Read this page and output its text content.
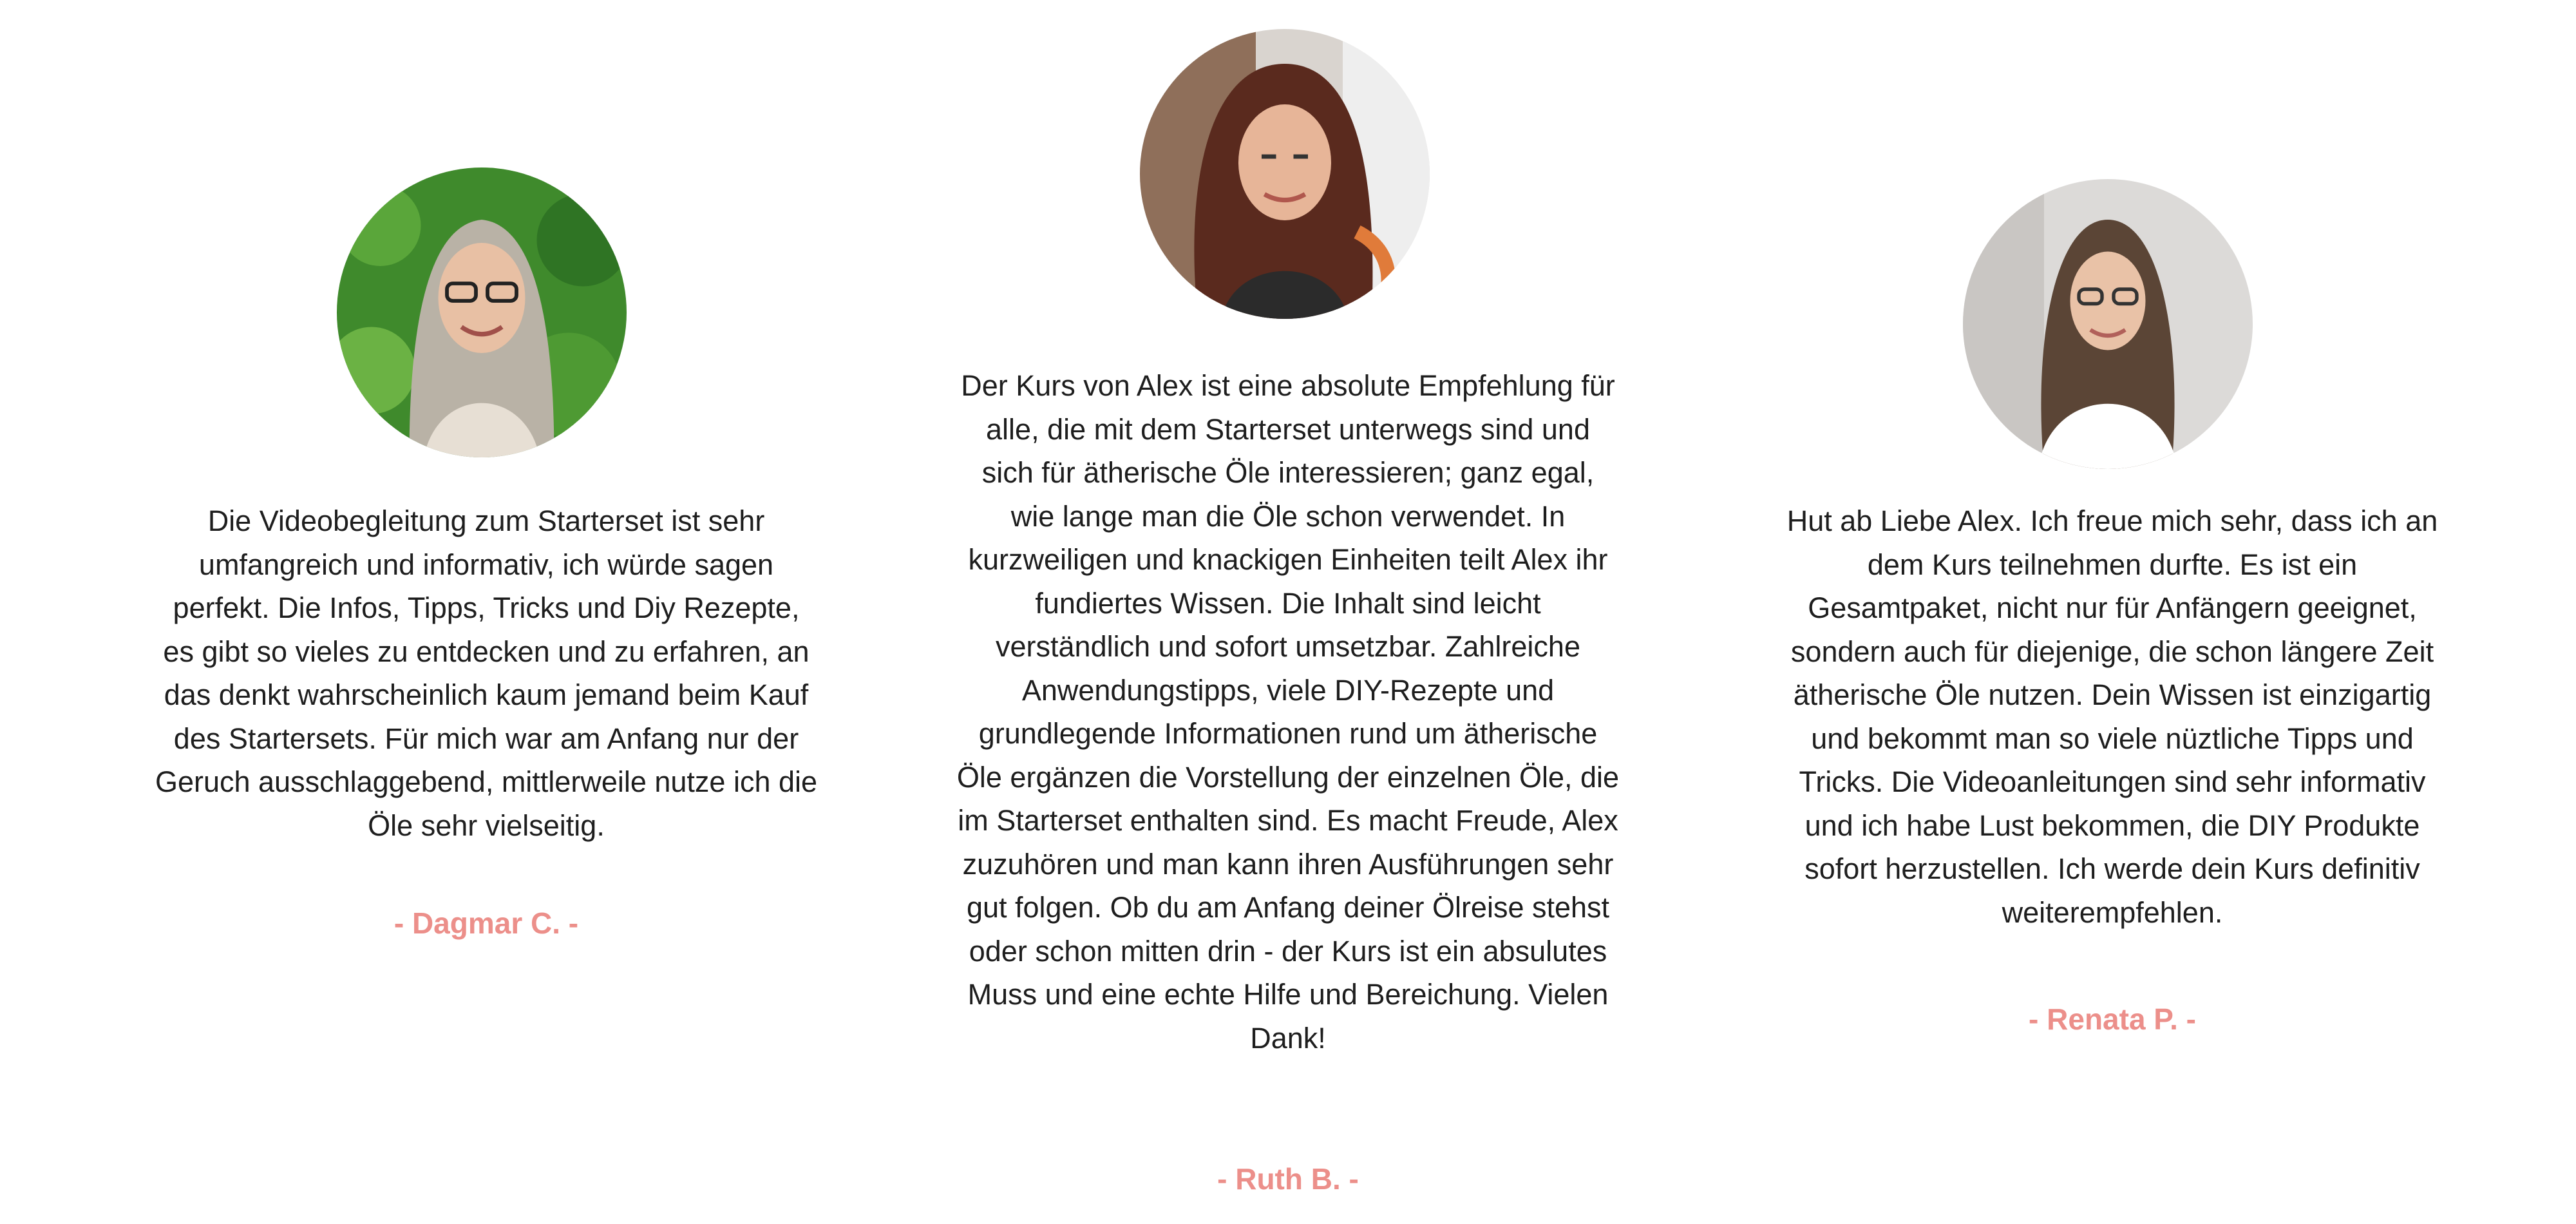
Die Videobegleitung zum Starterset ist sehr umfangreich und informativ, ich würde sagen perfekt. Die Infos, Tipps, Tricks und Diy Rezepte, es gibt so vieles zu entdecken und zu erfahren, an das denkt wahrscheinlich kaum jemand beim Kauf des Startersets. Für mich war am Anfang nur der Geruch ausschlaggebend, mittlerweile nutze ich die Öle sehr vielseitig.

- Dagmar C. -

Der Kurs von Alex ist eine absolute Empfehlung für alle, die mit dem Starterset unterwegs sind und sich für ätherische Öle interessieren; ganz egal, wie lange man die Öle schon verwendet. In kurzweiligen und knackigen Einheiten teilt Alex ihr fundiertes Wissen. Die Inhalt sind leicht verständlich und sofort umsetzbar. Zahlreiche Anwendungstipps, viele DIY-Rezepte und grundlegende Informationen rund um ätherische Öle ergänzen die Vorstellung der einzelnen Öle, die im Starterset enthalten sind. Es macht Freude, Alex zuzuhören und man kann ihren Ausführungen sehr gut folgen. Ob du am Anfang deiner Ölreise stehst oder schon mitten drin - der Kurs ist ein absulutes Muss und eine echte Hilfe und Bereichung. Vielen Dank!

- Ruth B. -

Hut ab Liebe Alex. Ich freue mich sehr, dass ich an dem Kurs teilnehmen durfte. Es ist ein Gesamtpaket, nicht nur für Anfängern geeignet, sondern auch für diejenige, die schon längere Zeit ätherische Öle nutzen. Dein Wissen ist einzigartig und bekommt man so viele nüztliche Tipps und Tricks. Die Videoanleitungen sind sehr informativ und ich habe Lust bekommen, die DIY Produkte sofort herzustellen. Ich werde dein Kurs definitiv weiterempfehlen.

- Renata P. -
